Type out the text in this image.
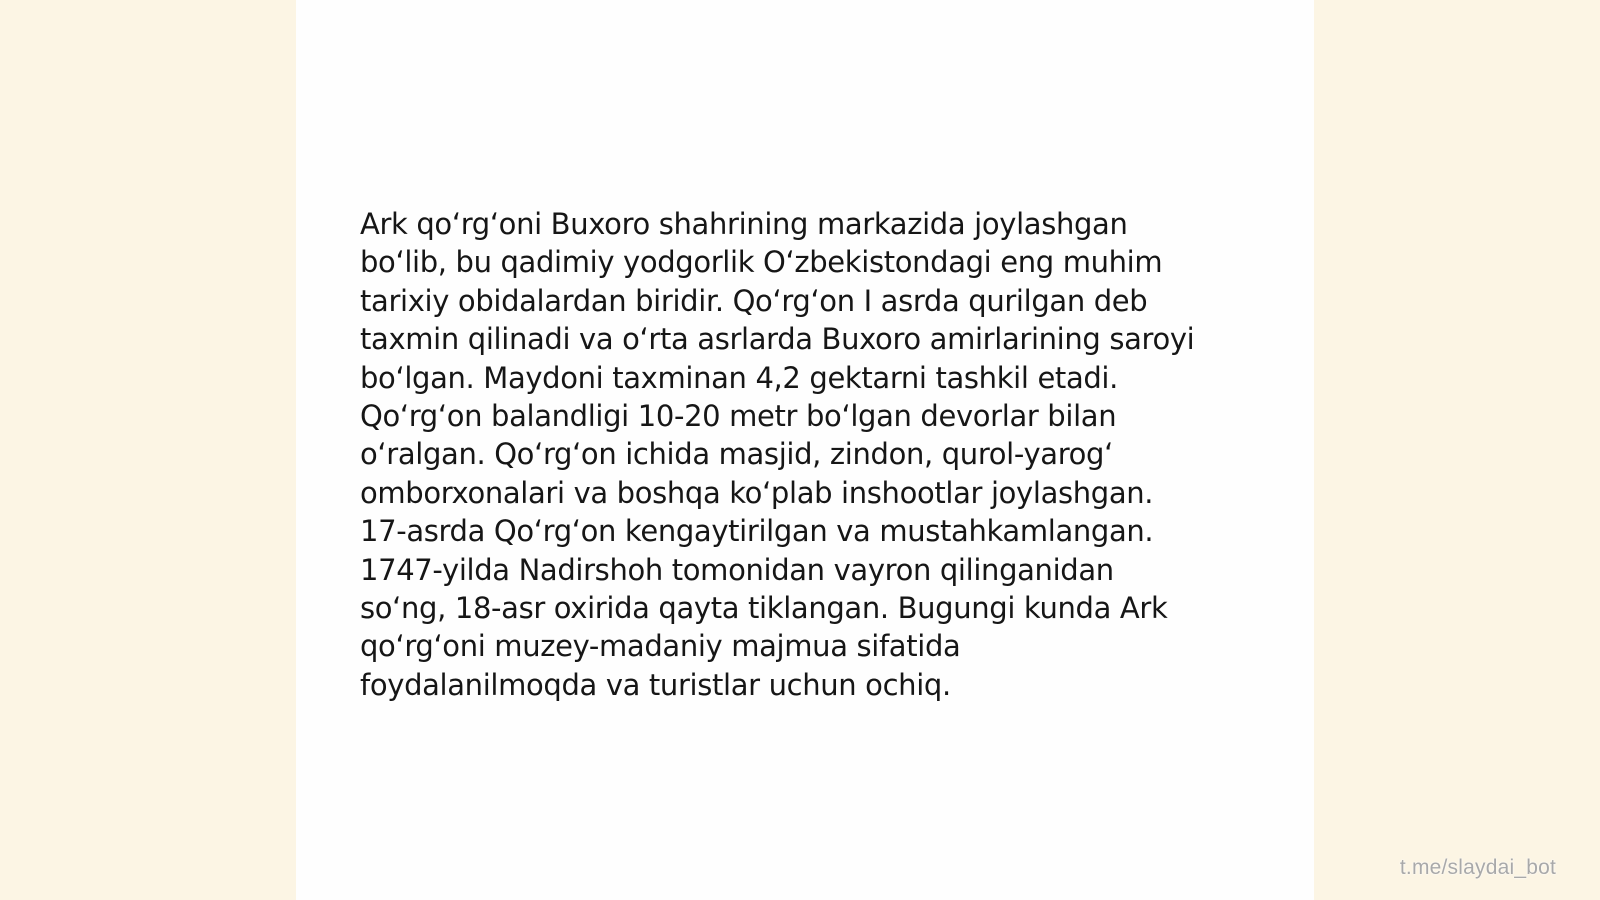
Ark qo‘rg‘oni Buxoro shahrining markazida joylashgan
bo‘lib, bu qadimiy yodgorlik O‘zbekistondagi eng muhim
tarixiy obidalardan biridir. Qo‘rg‘on I asrda qurilgan deb
taxmin qilinadi va o‘rta asrlarda Buxoro amirlarining saroyi
bo‘lgan. Maydoni taxminan 4,2 gektarni tashkil etadi.
Qo‘rg‘on balandligi 10-20 metr bo‘lgan devorlar bilan
o‘ralgan. Qo‘rg‘on ichida masjid, zindon, qurol-yarog‘
omborxonalari va boshqa ko‘plab inshootlar joylashgan.
17-asrda Qo‘rg‘on kengaytirilgan va mustahkamlangan.
1747-yilda Nadirshoh tomonidan vayron qilinganidan
so‘ng, 18-asr oxirida qayta tiklangan. Bugungi kunda Ark
qo‘rg‘oni muzey-madaniy majmua sifatida
foydalanilmoqda va turistlar uchun ochiq.

t.me/slaydai_bot
